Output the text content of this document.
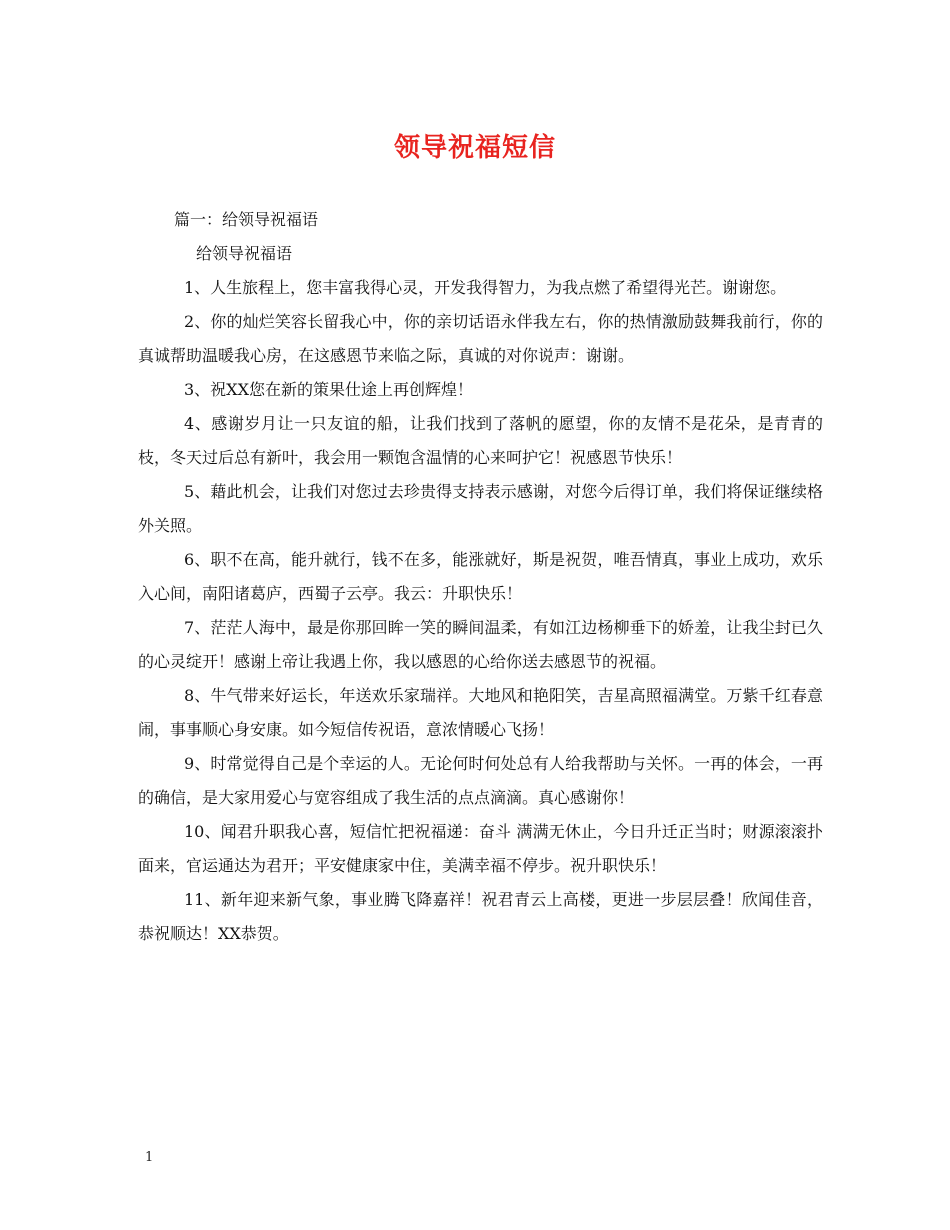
领导祝福短信
篇一：给领导祝福语
给领导祝福语
1、人生旅程上，您丰富我得心灵，开发我得智力，为我点燃了希望得光芒。谢谢您。
2、你的灿烂笑容长留我心中，你的亲切话语永伴我左右，你的热情激励鼓舞我前行，你的真诚帮助温暖我心房，在这感恩节来临之际，真诚的对你说声：谢谢。
3、祝XX您在新的策果仕途上再创辉煌！
4、感谢岁月让一只友谊的船，让我们找到了落帆的愿望，你的友情不是花朵，是青青的枝，冬天过后总有新叶，我会用一颗饱含温情的心来呵护它！祝感恩节快乐！
5、藉此机会，让我们对您过去珍贵得支持表示感谢，对您今后得订单，我们将保证继续格外关照。
6、职不在高，能升就行，钱不在多，能涨就好，斯是祝贺，唯吾情真，事业上成功，欢乐入心间，南阳诸葛庐，西蜀子云亭。我云：升职快乐！
7、茫茫人海中，最是你那回眸一笑的瞬间温柔，有如江边杨柳垂下的娇羞，让我尘封已久的心灵绽开！感谢上帝让我遇上你，我以感恩的心给你送去感恩节的祝福。
8、牛气带来好运长，年送欢乐家瑞祥。大地风和艳阳笑，吉星高照福满堂。万紫千红春意闹，事事顺心身安康。如今短信传祝语，意浓情暖心飞扬！
9、时常觉得自己是个幸运的人。无论何时何处总有人给我帮助与关怀。一再的体会，一再的确信，是大家用爱心与宽容组成了我生活的点点滴滴。真心感谢你！
10、闻君升职我心喜，短信忙把祝福递：奋斗 满满无休止，今日升迁正当时；财源滚滚扑面来，官运通达为君开；平安健康家中住，美满幸福不停步。祝升职快乐！
11、新年迎来新气象，事业腾飞降嘉祥！祝君青云上高楼，更进一步层层叠！欣闻佳音，恭祝顺达！XX恭贺。
1
